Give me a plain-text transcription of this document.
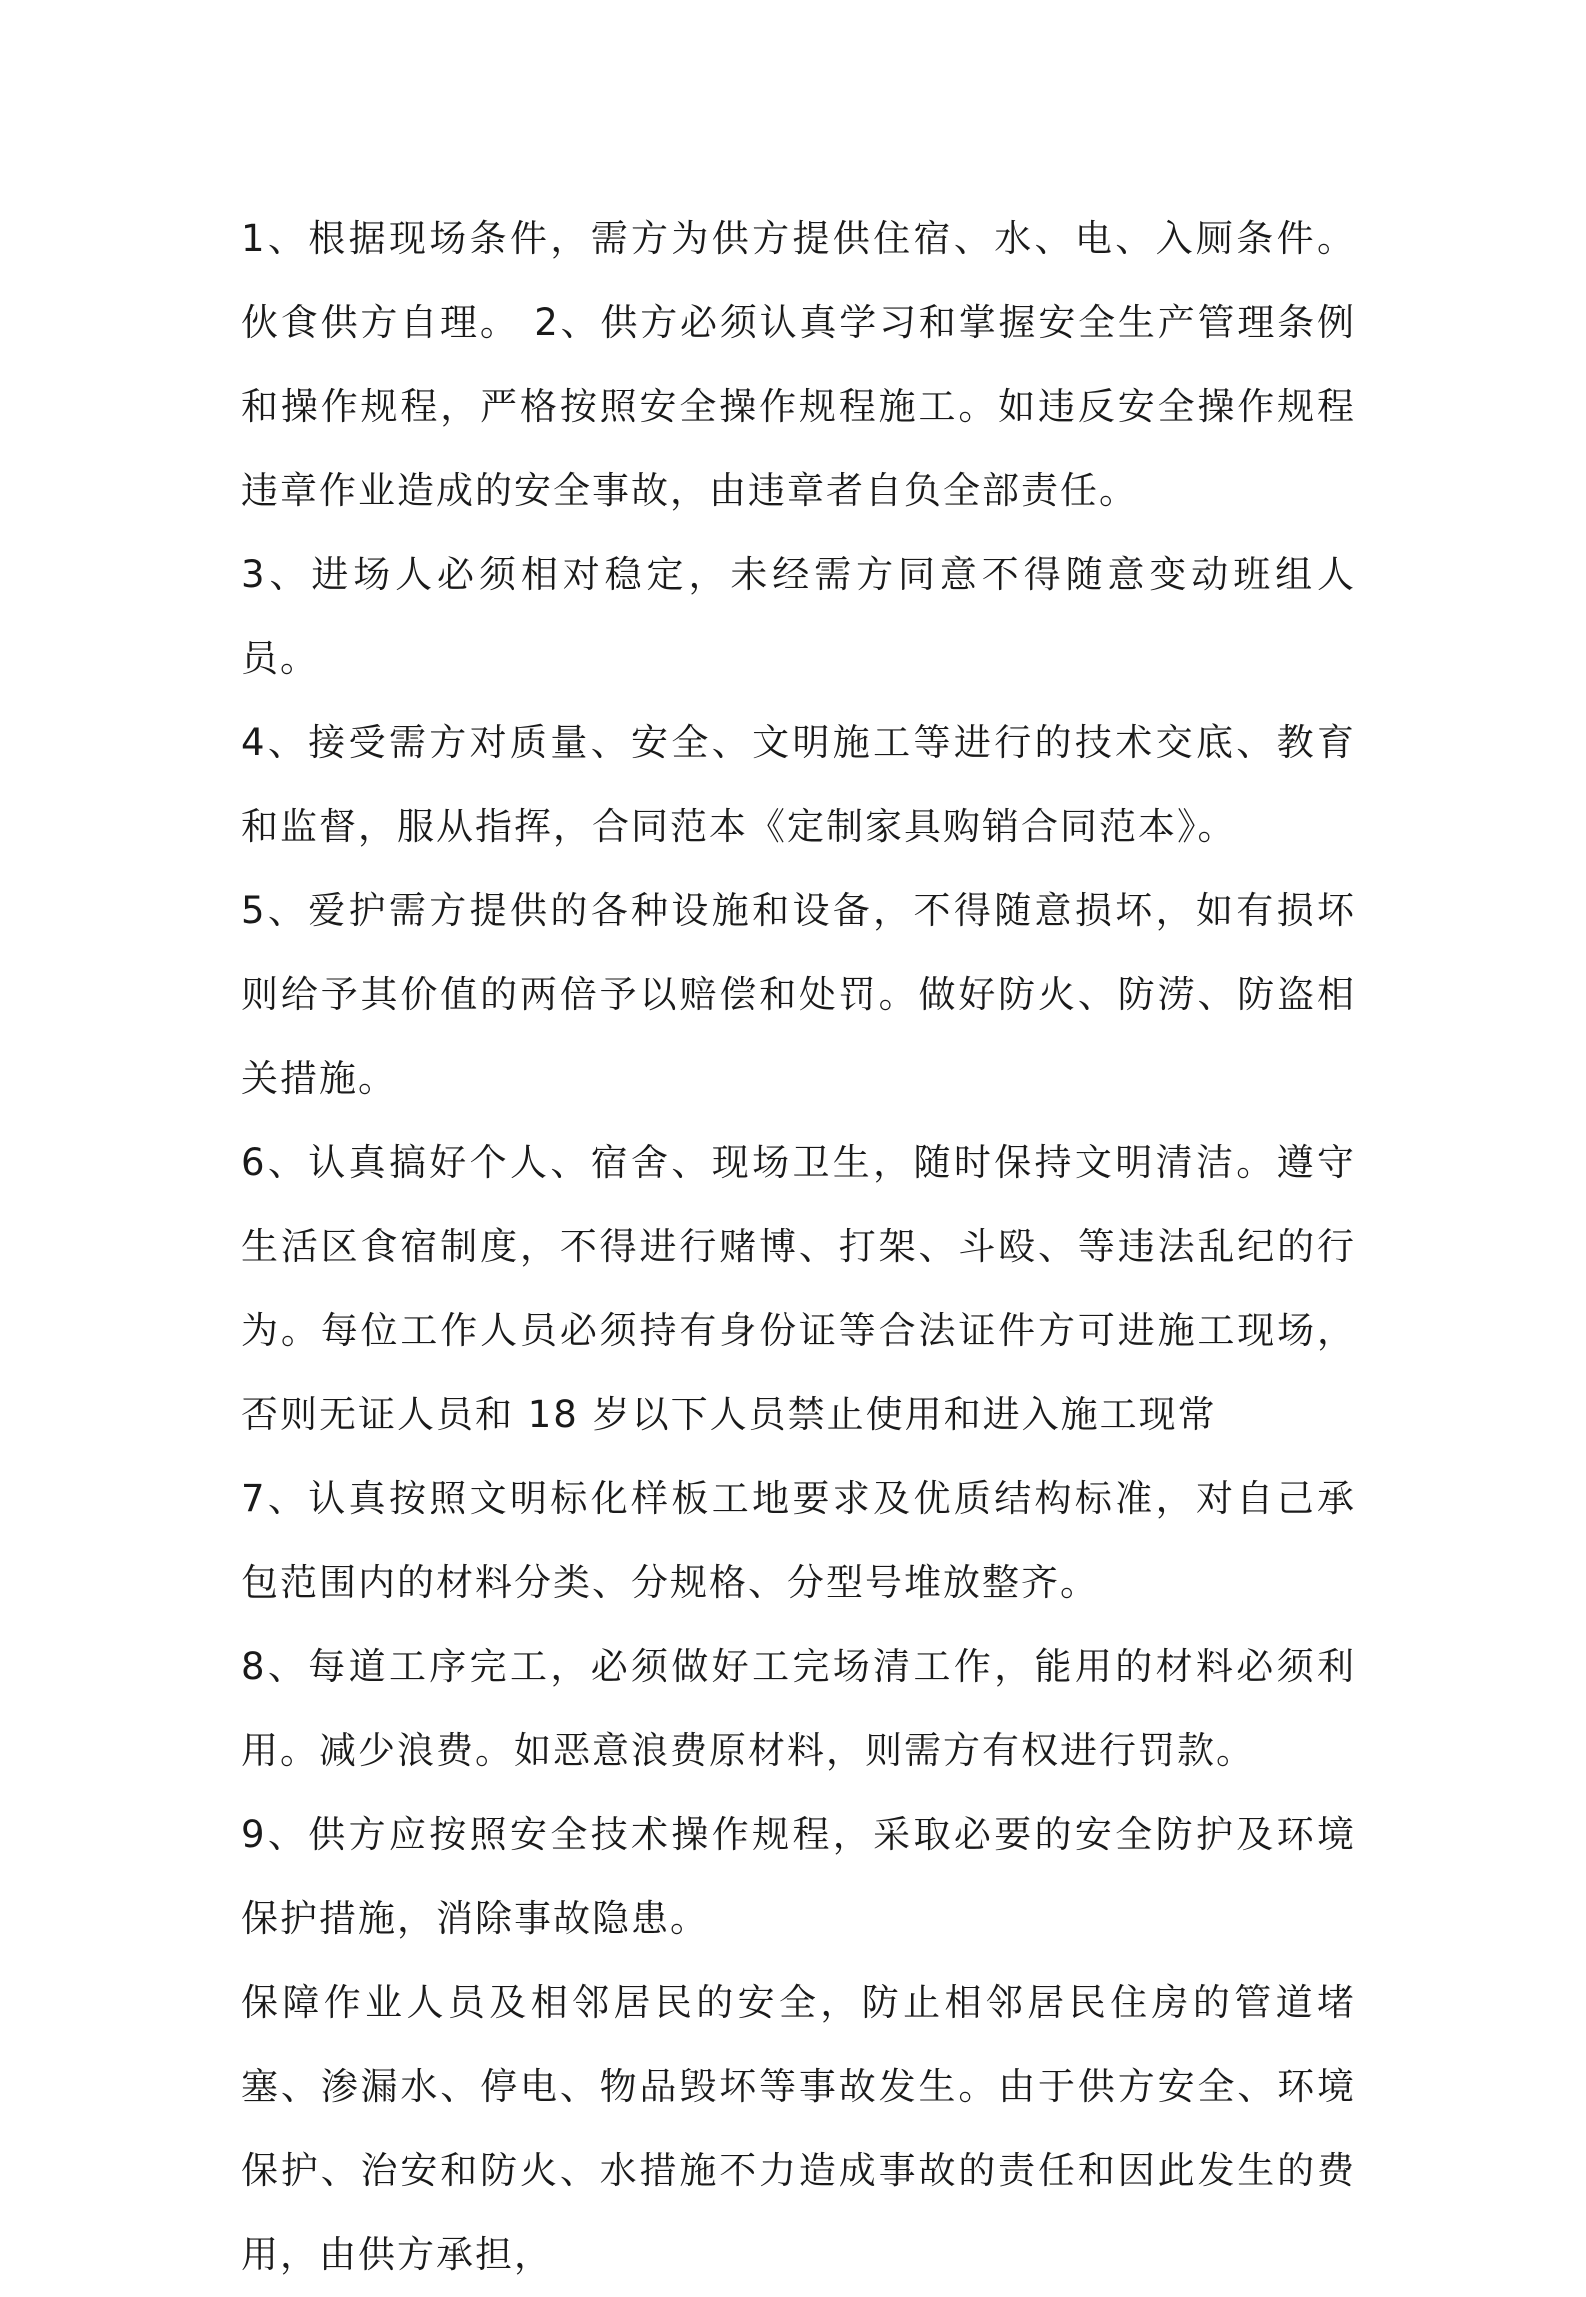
1、根据现场条件，需方为供方提供住宿、水、电、入厕条件。伙食供方自理。 2、供方必须认真学习和掌握安全生产管理条例和操作规程，严格按照安全操作规程施工。如违反安全操作规程违章作业造成的安全事故，由违章者自负全部责任。

3、进场人必须相对稳定，未经需方同意不得随意变动班组人员。

4、接受需方对质量、安全、文明施工等进行的技术交底、教育和监督，服从指挥，合同范本《定制家具购销合同范本》。

5、爱护需方提供的各种设施和设备，不得随意损坏，如有损坏则给予其价值的两倍予以赔偿和处罚。做好防火、防涝、防盗相关措施。

6、认真搞好个人、宿舍、现场卫生，随时保持文明清洁。遵守生活区食宿制度，不得进行赌博、打架、斗殴、等违法乱纪的行为。每位工作人员必须持有身份证等合法证件方可进施工现场，否则无证人员和 18 岁以下人员禁止使用和进入施工现常

7、认真按照文明标化样板工地要求及优质结构标准，对自己承包范围内的材料分类、分规格、分型号堆放整齐。

8、每道工序完工，必须做好工完场清工作，能用的材料必须利用。减少浪费。如恶意浪费原材料，则需方有权进行罚款。

9、供方应按照安全技术操作规程，采取必要的安全防护及环境保护措施，消除事故隐患。

保障作业人员及相邻居民的安全，防止相邻居民住房的管道堵塞、渗漏水、停电、物品毁坏等事故发生。由于供方安全、环境保护、治安和防火、水措施不力造成事故的责任和因此发生的费用，由供方承担，
